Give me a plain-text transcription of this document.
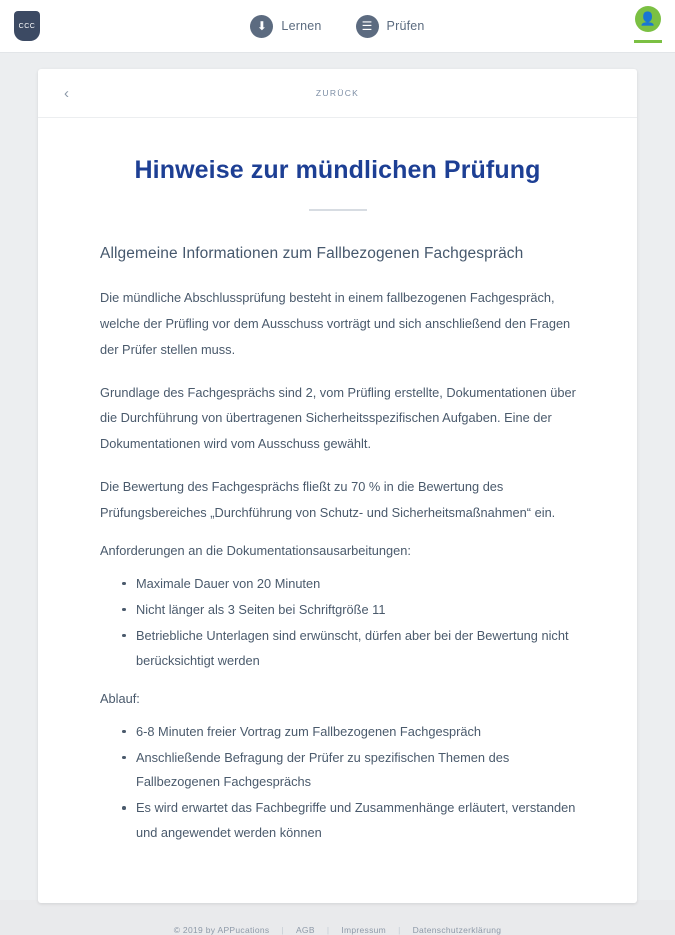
CCC	⬇	Lernen	☰	Prüfen	👤
‹	ZURÜCK
Hinweise zur mündlichen Prüfung
Allgemeine Informationen zum Fallbezogenen Fachgespräch

Die mündliche Abschlussprüfung besteht in einem fallbezogenen Fachgespräch, welche der Prüfling vor dem Ausschuss vorträgt und sich anschließend den Fragen der Prüfer stellen muss.

Grundlage des Fachgesprächs sind 2, vom Prüfling erstellte, Dokumentationen über die Durchführung von übertragenen Sicherheitsspezifischen Aufgaben. Eine der Dokumentationen wird vom Ausschuss gewählt.

Die Bewertung des Fachgesprächs fließt zu 70 % in die Bewertung des Prüfungsbereiches „Durchführung von Schutz- und Sicherheitsmaßnahmen“ ein.

Anforderungen an die Dokumentationsausarbeitungen:

Maximale Dauer von 20 Minuten
Nicht länger als 3 Seiten bei Schriftgröße 11
Betriebliche Unterlagen sind erwünscht, dürfen aber bei der Bewertung nicht berücksichtigt werden

Ablauf:

6-8 Minuten freier Vortrag zum Fallbezogenen Fachgespräch
Anschließende Befragung der Prüfer zu spezifischen Themen des Fallbezogenen Fachgesprächs
Es wird erwartet das Fachbegriffe und Zusammenhänge erläutert, verstanden und angewendet werden können
© 2019 by APPucations | AGB | Impressum | Datenschutzerklärung
